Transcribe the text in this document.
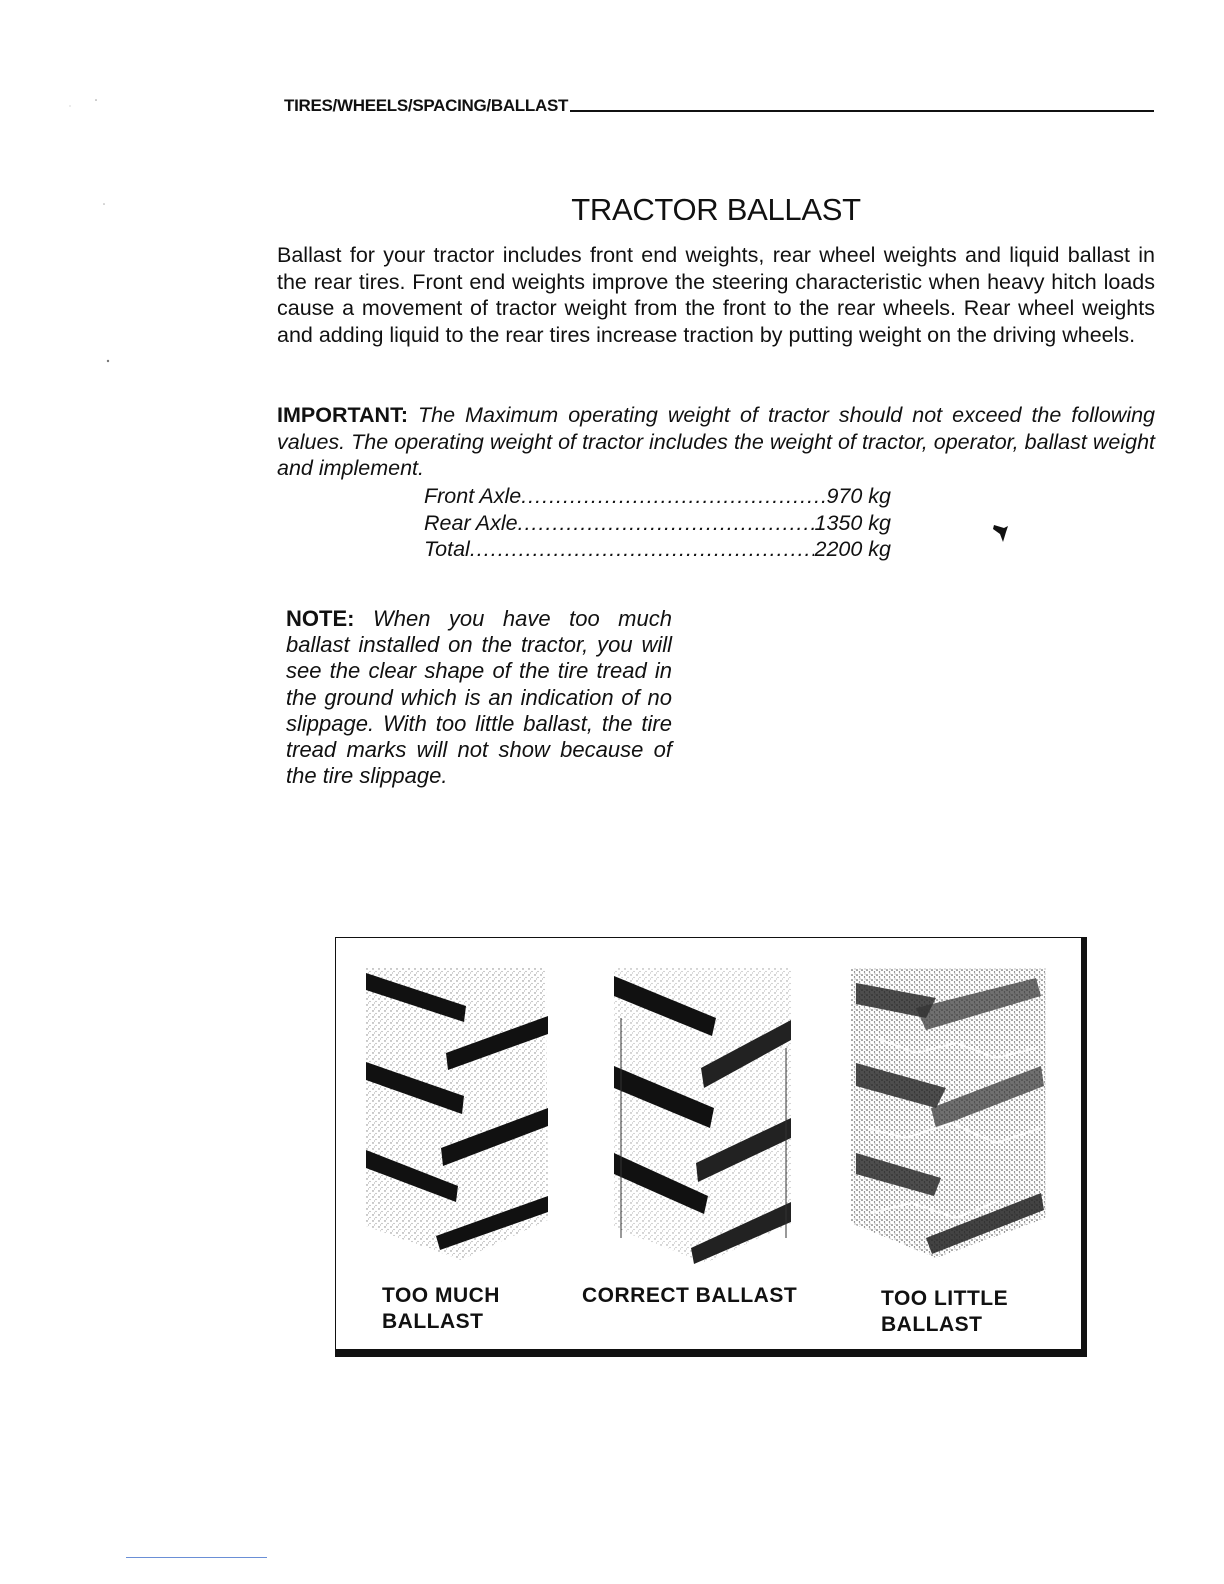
TIRES/WHEELS/SPACING/BALLAST
TRACTOR BALLAST

Ballast for your tractor includes front end weights, rear wheel weights and liquid ballast in the rear tires. Front end weights improve the steering characteristic when heavy hitch loads cause a movement of tractor weight from the front to the rear wheels. Rear wheel weights and adding liquid to the rear tires increase traction by putting weight on the driving wheels.

IMPORTANT: The Maximum operating weight of tractor should not exceed the following values. The operating weight of tractor includes the weight of tractor, operator, ballast weight and implement.

Front Axle .....	970 kg
Rear Axle .....	1350 kg
Total .....	2200 kg

NOTE: When you have too much ballast installed on the tractor, you will see the clear shape of the tire tread in the ground which is an indication of no slippage. With too little ballast, the tire tread marks will not show because of the tire slippage.

TOO MUCH
BALLAST
CORRECT BALLAST	TOO LITTLE
BALLAST
